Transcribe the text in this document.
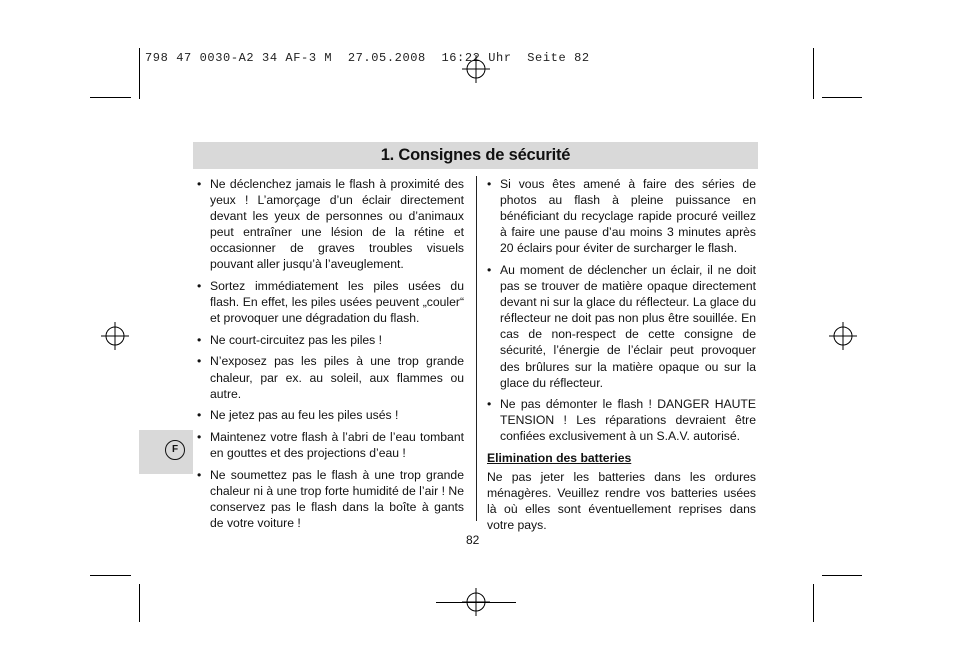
798 47 0030-A2 34 AF-3 M  27.05.2008  16:22 Uhr  Seite 82
1. Consignes de sécurité
F
• Ne déclenchez jamais le flash à proximité des yeux ! L’amorçage d’un éclair directement devant les yeux de personnes ou d’animaux peut entraîner une lésion de la rétine et occasionner de graves troubles visuels pouvant aller jusqu’à l’aveuglement.
• Sortez immédiatement les piles usées du flash. En effet, les piles usées peuvent „couler“ et provoquer une dégradation du flash.
• Ne court-circuitez pas les piles !
• N’exposez pas les piles à une trop grande chaleur, par ex. au soleil, aux flammes ou autre.
• Ne jetez pas au feu les piles usés !
• Maintenez votre flash à l’abri de l’eau tombant en gouttes et des projections d’eau !
• Ne soumettez pas le flash à une trop grande chaleur ni à une trop forte humidité de l’air ! Ne conservez pas le flash dans la boîte à gants de votre voiture !
• Si vous êtes amené à faire des séries de photos au flash à pleine puissance en bénéficiant du recyclage rapide procuré veillez à faire une pause d’au moins 3 minutes après 20 éclairs pour éviter de surcharger le flash.
• Au moment de déclencher un éclair, il ne doit pas se trouver de matière opaque directement devant ni sur la glace du réflecteur. La glace du réflecteur ne doit pas non plus être souillée. En cas de non-respect de cette consigne de sécurité, l’énergie de l’éclair peut provoquer des brûlures sur la matière opaque ou sur la glace du réflecteur.
• Ne pas démonter le flash ! DANGER HAUTE TENSION ! Les réparations devraient être confiées exclusivement à un S.A.V. autorisé.
Elimination des batteries

Ne pas jeter les batteries dans les ordures ménagères. Veuillez rendre vos batteries usées là où elles sont éventuellement reprises dans votre pays.

82
